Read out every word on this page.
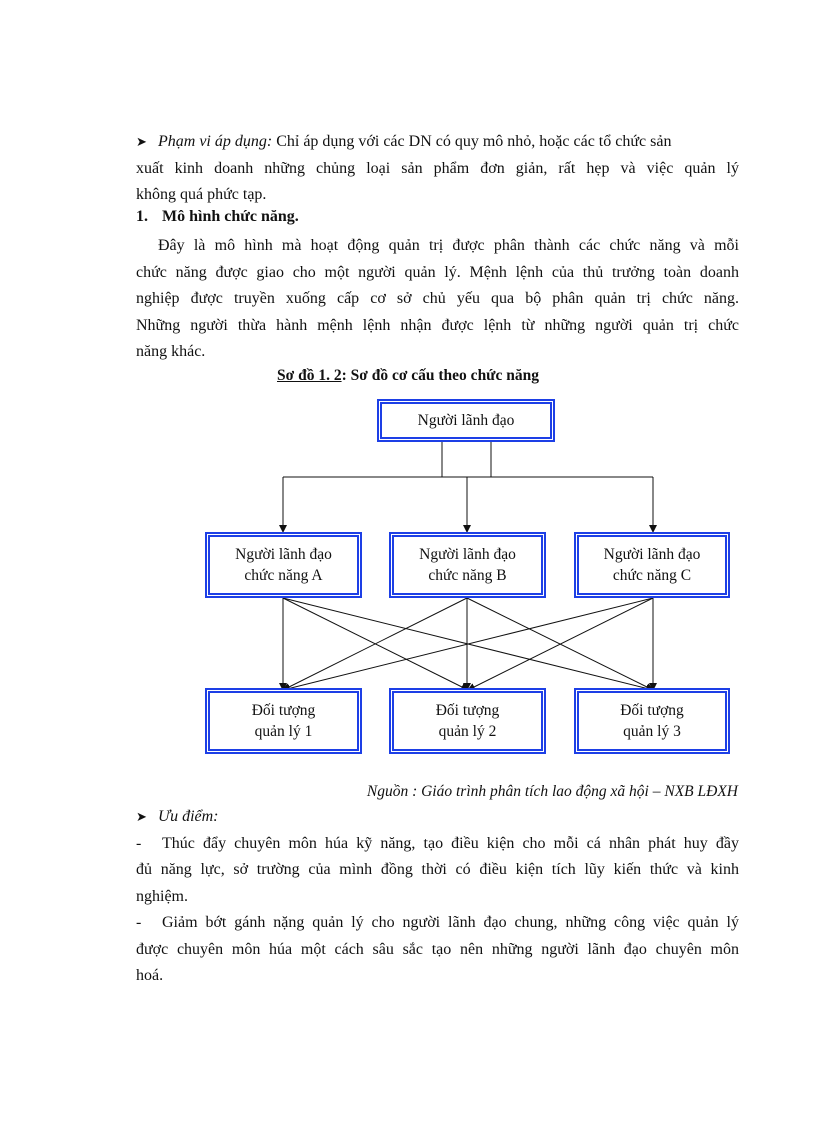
➤ Phạm vi áp dụng: Chỉ áp dụng với các DN có quy mô nhỏ, hoặc các tổ chức sản
xuất kinh doanh những chủng loại sản phẩm đơn giản, rất hẹp và việc quản lý
không quá phức tạp.
1. Mô hình chức năng.
Đây là mô hình mà hoạt động quản trị được phân thành các chức năng và mỗi
chức năng được giao cho một người quản lý. Mệnh lệnh của thủ trưởng toàn doanh
nghiệp được truyền xuống cấp cơ sở chủ yếu qua bộ phân quản trị chức năng.
Những người thừa hành mệnh lệnh nhận được lệnh từ những người quản trị chức
năng khác.
Sơ đồ 1. 2: Sơ đồ cơ cấu theo chức năng
Người lãnh đạo
Người lãnh đạo
chức năng A
Người lãnh đạo
chức năng B
Người lãnh đạo
chức năng C
Đối tượng
quản lý 1
Đối tượng
quản lý 2
Đối tượng
quản lý 3
Nguồn : Giáo trình phân tích lao động xã hội – NXB LĐXH
➤ Ưu điểm:
- Thúc đẩy chuyên môn húa kỹ năng, tạo điều kiện cho mỗi cá nhân phát huy đầy
đủ năng lực, sở trường của mình đồng thời có điều kiện tích lũy kiến thức và kinh
nghiệm.
- Giảm bớt gánh nặng quản lý cho người lãnh đạo chung, những công việc quản lý
được chuyên môn húa một cách sâu sắc tạo nên những người lãnh đạo chuyên môn
hoá.
